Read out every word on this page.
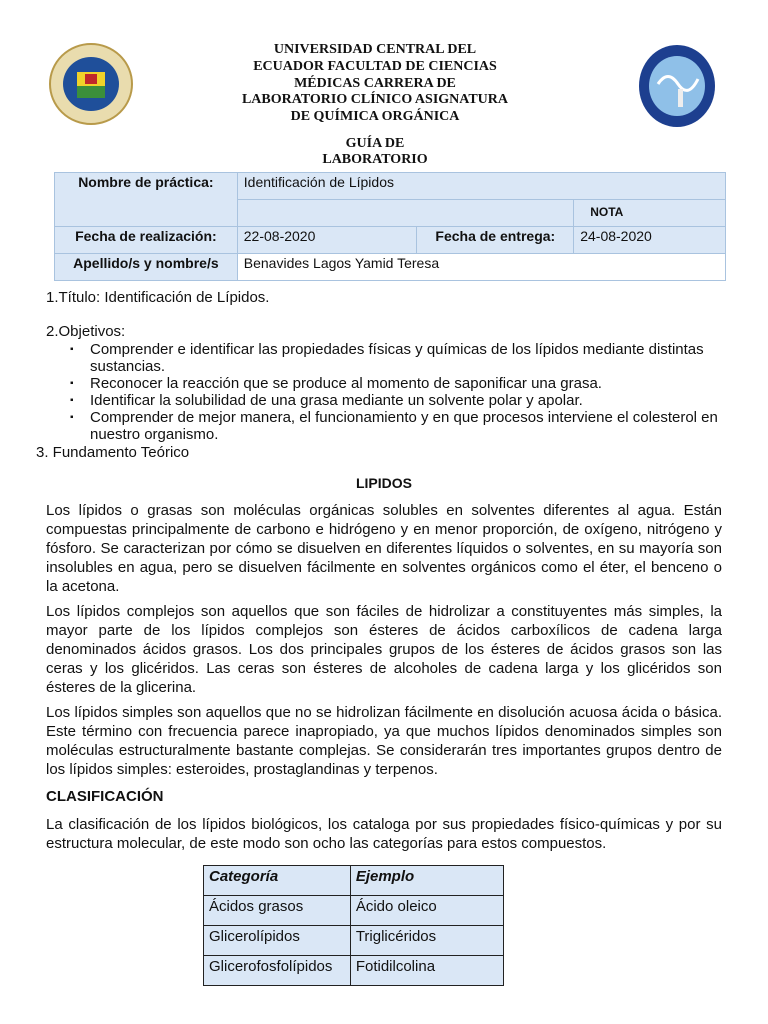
UNIVERSIDAD CENTRAL DEL
ECUADOR FACULTAD DE CIENCIAS
MÉDICAS CARRERA DE
LABORATORIO CLÍNICO ASIGNATURA
DE QUÍMICA ORGÁNICA
GUÍA DE
LABORATORIO
Nombre de práctica:	Identificación de Lípidos		
			NOTA
Fecha de realización:	22-08-2020	Fecha de entrega:	24-08-2020
Apellido/s y nombre/s	Benavides Lagos Yamid Teresa		
1.Título: Identificación de Lípidos.
2.Objetivos:
▪ Comprender e identificar las propiedades físicas y químicas de los lípidos mediante distintas sustancias.
▪ Reconocer la reacción que se produce al momento de saponificar una grasa.
▪ Identificar la solubilidad de una grasa mediante un solvente polar y apolar.
▪ Comprender de mejor manera, el funcionamiento y en que procesos interviene el colesterol en nuestro organismo.
3. Fundamento Teórico
LIPIDOS
Los lípidos o grasas son moléculas orgánicas solubles en solventes diferentes al agua. Están compuestas principalmente de carbono e hidrógeno y en menor proporción, de oxígeno, nitrógeno y fósforo. Se caracterizan por cómo se disuelven en diferentes líquidos o solventes, en su mayoría son insolubles en agua, pero se disuelven fácilmente en solventes orgánicos como el éter, el benceno o la acetona.
Los lípidos complejos son aquellos que son fáciles de hidrolizar a constituyentes más simples, la mayor parte de los lípidos complejos son ésteres de ácidos carboxílicos de cadena larga denominados ácidos grasos. Los dos principales grupos de los ésteres de ácidos grasos son las ceras y los glicéridos. Las ceras son ésteres de alcoholes de cadena larga y los glicéridos son ésteres de la glicerina.
Los lípidos simples son aquellos que no se hidrolizan fácilmente en disolución acuosa ácida o básica. Este término con frecuencia parece inapropiado, ya que muchos lípidos denominados simples son moléculas estructuralmente bastante complejas. Se considerarán tres importantes grupos dentro de los lípidos simples: esteroides, prostaglandinas y terpenos.
CLASIFICACIÓN
La clasificación de los lípidos biológicos, los cataloga por sus propiedades físico-químicas y por su estructura molecular, de este modo son ocho las categorías para estos compuestos.
Categoría	Ejemplo
Ácidos grasos	Ácido oleico
Glicerolípidos	Triglicéridos
Glicerofosfolípidos	Fotidilcolina
